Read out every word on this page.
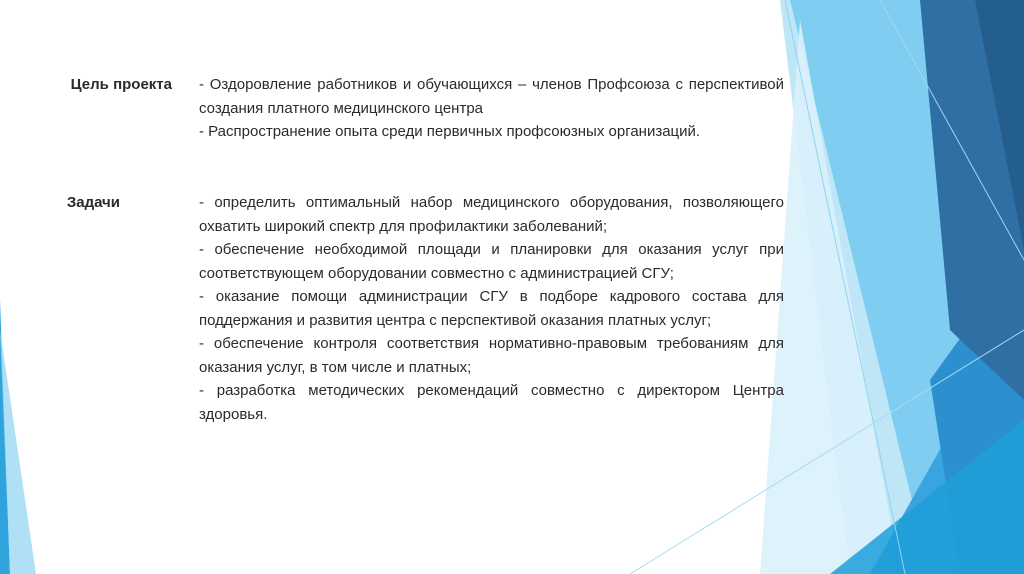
Цель проекта - Оздоровление работников и обучающихся – членов Профсоюза с перспективой создания платного медицинского центра

- Распространение опыта среди первичных профсоюзных организаций.

Задачи	- определить оптимальный набор медицинского оборудования, позволяющего охватить широкий спектр для профилактики заболеваний;

- обеспечение необходимой площади и планировки для оказания услуг при соответствующем оборудовании совместно с администрацией СГУ;

- оказание помощи администрации СГУ в подборе кадрового состава для поддержания и развития центра с перспективой оказания платных услуг;

- обеспечение контроля соответствия нормативно-правовым требованиям для оказания услуг, в том числе и платных;

- разработка методических рекомендаций совместно с директором Центра здоровья.
